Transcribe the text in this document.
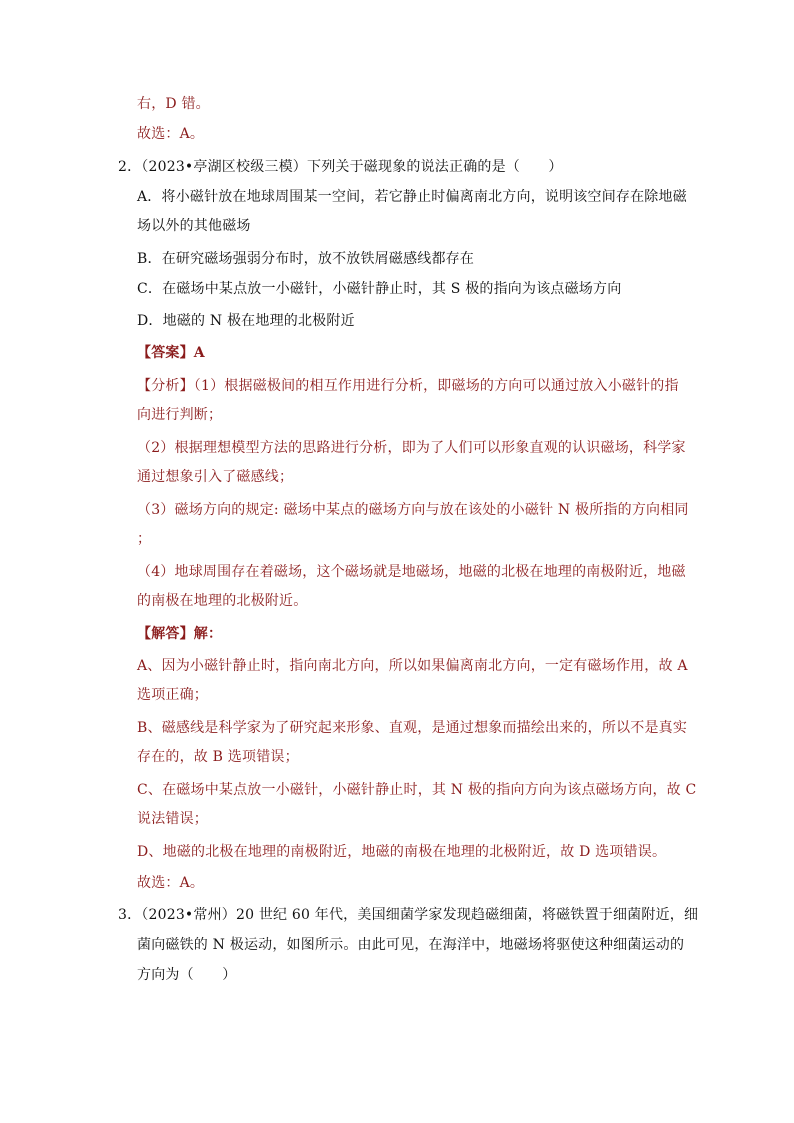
右，D 错。
故选：A。
2．（2023•亭湖区校级三模）下列关于磁现象的说法正确的是（　　）
A．将小磁针放在地球周围某一空间，若它静止时偏离南北方向，说明该空间存在除地磁
场以外的其他磁场
B．在研究磁场强弱分布时，放不放铁屑磁感线都存在
C．在磁场中某点放一小磁针，小磁针静止时，其 S 极的指向为该点磁场方向
D．地磁的 N 极在地理的北极附近
【答案】A
【分析】（1）根据磁极间的相互作用进行分析，即磁场的方向可以通过放入小磁针的指
向进行判断；
（2）根据理想模型方法的思路进行分析，即为了人们可以形象直观的认识磁场，科学家
通过想象引入了磁感线；
（3）磁场方向的规定: 磁场中某点的磁场方向与放在该处的小磁针 N 极所指的方向相同
；
（4）地球周围存在着磁场，这个磁场就是地磁场，地磁的北极在地理的南极附近，地磁
的南极在地理的北极附近。
【解答】解：
A、因为小磁针静止时，指向南北方向，所以如果偏离南北方向，一定有磁场作用，故 A
选项正确；
B、磁感线是科学家为了研究起来形象、直观，是通过想象而描绘出来的，所以不是真实
存在的，故 B 选项错误；
C、在磁场中某点放一小磁针，小磁针静止时，其 N 极的指向方向为该点磁场方向，故 C
说法错误；
D、地磁的北极在地理的南极附近，地磁的南极在地理的北极附近，故 D 选项错误。
故选：A。
3．（2023•常州）20 世纪 60 年代，美国细菌学家发现趋磁细菌，将磁铁置于细菌附近，细
菌向磁铁的 N 极运动，如图所示。由此可见，在海洋中，地磁场将驱使这种细菌运动的
方向为（　　）
